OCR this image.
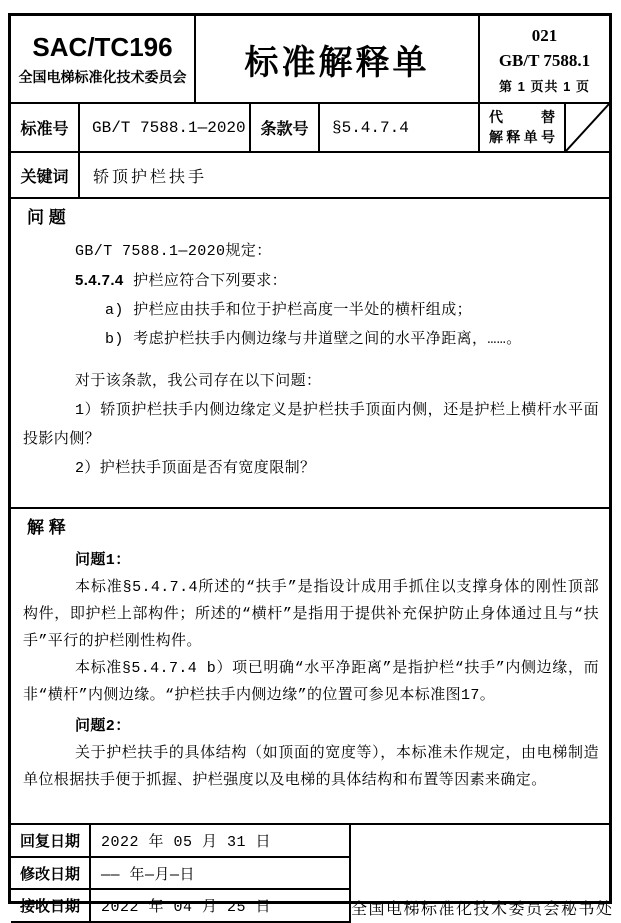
SAC/TC196
全国电梯标准化技术委员会 标准解释单
021
GB/T 7588.1
第 1 页共 1 页
标准号	GB/T 7588.1—2020 条款号	§5.4.7.4
代　替
解释单号
关键词	轿顶护栏扶手
问 题

GB/T 7588.1—2020规定：

5.4.7.4 护栏应符合下列要求：

a) 护栏应由扶手和位于护栏高度一半处的横杆组成；

b) 考虑护栏扶手内侧边缘与井道壁之间的水平净距离，……。

对于该条款，我公司存在以下问题：

1）轿顶护栏扶手内侧边缘定义是护栏扶手顶面内侧，还是护栏上横杆水平面投影内侧？

2）护栏扶手顶面是否有宽度限制？

解 释

问题1：

本标准§5.4.7.4所述的“扶手”是指设计成用手抓住以支撑身体的刚性顶部构件，即护栏上部构件；所述的“横杆”是指用于提供补充保护防止身体通过且与“扶手”平行的护栏刚性构件。

本标准§5.4.7.4 b）项已明确“水平净距离”是指护栏“扶手”内侧边缘，而非“横杆”内侧边缘。“护栏扶手内侧边缘”的位置可参见本标准图17。

问题2：

关于护栏扶手的具体结构（如顶面的宽度等），本标准未作规定，由电梯制造单位根据扶手便于抓握、护栏强度以及电梯的具体结构和布置等因素来确定。

回复日期	2022 年 05 月 31 日
修改日期	—— 年—月—日
接收日期	2022 年 04 月 25 日	全国电梯标准化技术委员会秘书处
